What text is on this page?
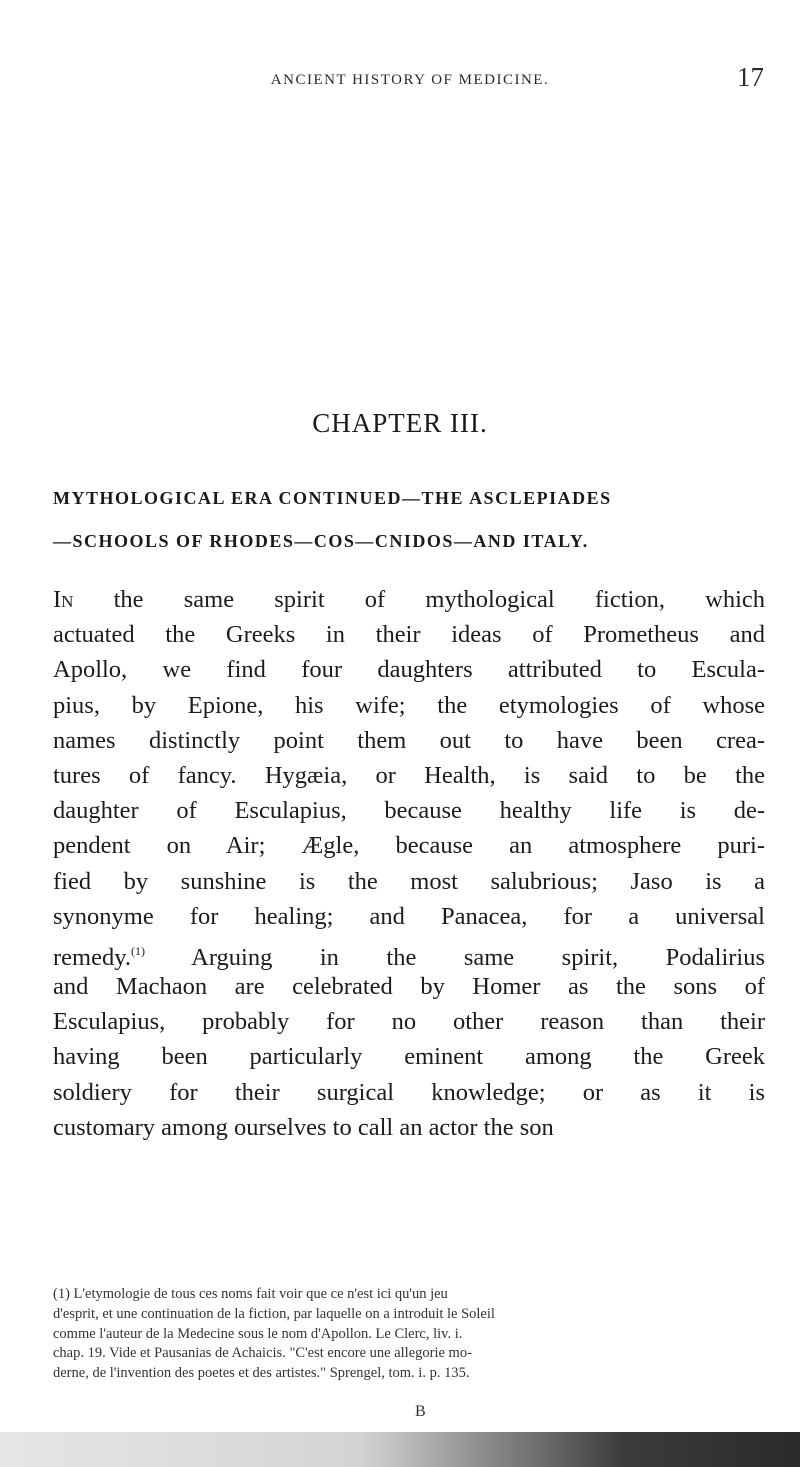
ANCIENT HISTORY OF MEDICINE.	17
CHAPTER III.
MYTHOLOGICAL ERA CONTINUED—THE ASCLEPIADES
—SCHOOLS OF RHODES—COS—CNIDOS—AND ITALY.
In the same spirit of mythological fiction, which
actuated the Greeks in their ideas of Prometheus and
Apollo, we find four daughters attributed to Escula-
pius, by Epione, his wife; the etymologies of whose
names distinctly point them out to have been crea-
tures of fancy. Hygæia, or Health, is said to be the
daughter of Esculapius, because healthy life is de-
pendent on Air; Ægle, because an atmosphere puri-
fied by sunshine is the most salubrious; Jaso is a
synonyme for healing; and Panacea, for a universal
remedy.$^{(1)}$ Arguing in the same spirit, Podalirius
and Machaon are celebrated by Homer as the sons of
Esculapius, probably for no other reason than their
having been particularly eminent among the Greek
soldiery for their surgical knowledge; or as it is
customary among ourselves to call an actor the son
(1) L'etymologie de tous ces noms fait voir que ce n'est ici qu'un jeu
d'esprit, et une continuation de la fiction, par laquelle on a introduit le Soleil
comme l'auteur de la Medecine sous le nom d'Apollon. Le Clerc, liv. i.
chap. 19. Vide et Pausanias de Achaicis. "C'est encore une allegorie mo-
derne, de l'invention des poetes et des artistes." Sprengel, tom. i. p. 135.
B
